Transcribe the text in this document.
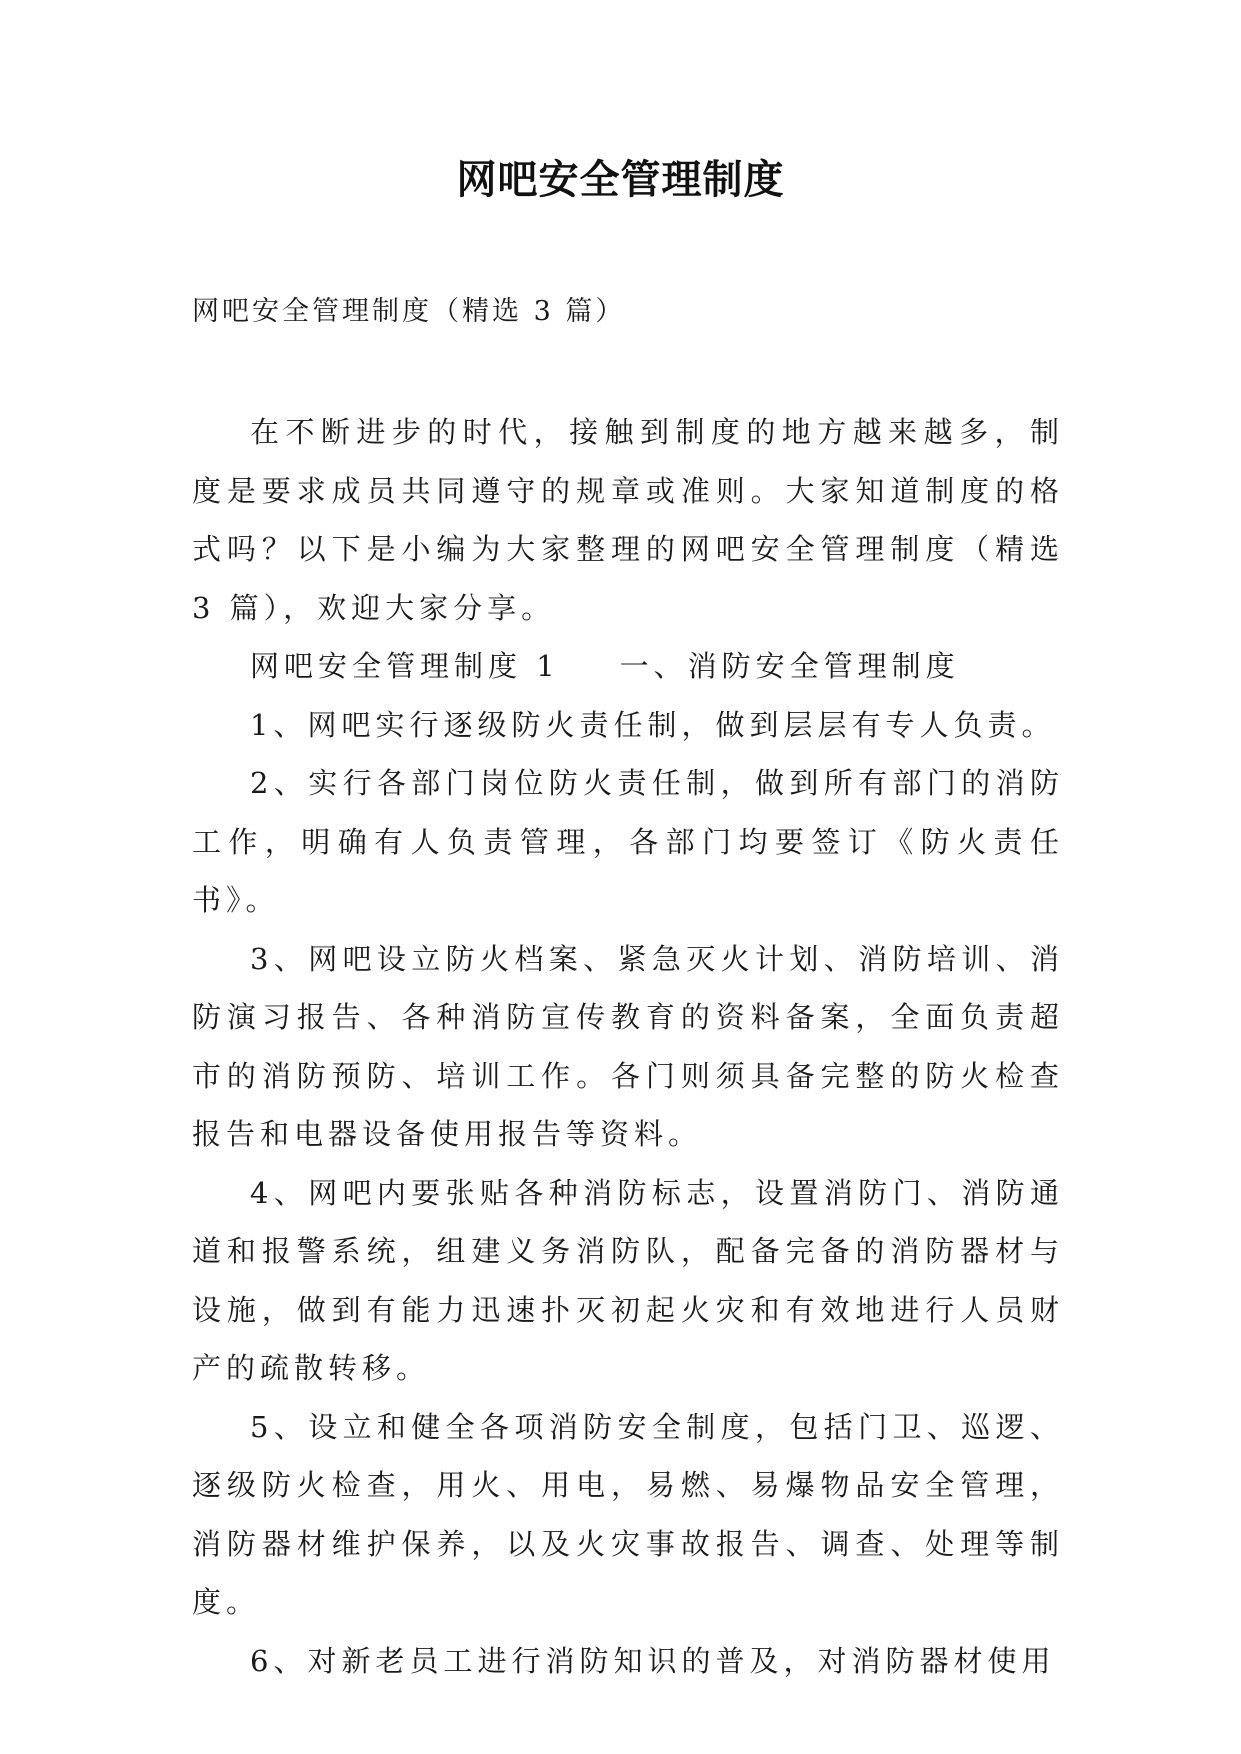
网吧安全管理制度

网吧安全管理制度（精选 3 篇）

在不断进步的时代，接触到制度的地方越来越多，制度是要求成员共同遵守的规章或准则。大家知道制度的格式吗？以下是小编为大家整理的网吧安全管理制度（精选 3 篇），欢迎大家分享。

网吧安全管理制度 1 一、消防安全管理制度

1、网吧实行逐级防火责任制，做到层层有专人负责。

2、实行各部门岗位防火责任制，做到所有部门的消防工作，明确有人负责管理，各部门均要签订《防火责任书》。

3、网吧设立防火档案、紧急灭火计划、消防培训、消防演习报告、各种消防宣传教育的资料备案，全面负责超市的消防预防、培训工作。各门则须具备完整的防火检查报告和电器设备使用报告等资料。

4、网吧内要张贴各种消防标志，设置消防门、消防通道和报警系统，组建义务消防队，配备完备的消防器材与设施，做到有能力迅速扑灭初起火灾和有效地进行人员财产的疏散转移。

5、设立和健全各项消防安全制度，包括门卫、巡逻、逐级防火检查，用火、用电，易燃、易爆物品安全管理，消防器材维护保养，以及火灾事故报告、调查、处理等制度。

6、对新老员工进行消防知识的普及，对消防器材使用
